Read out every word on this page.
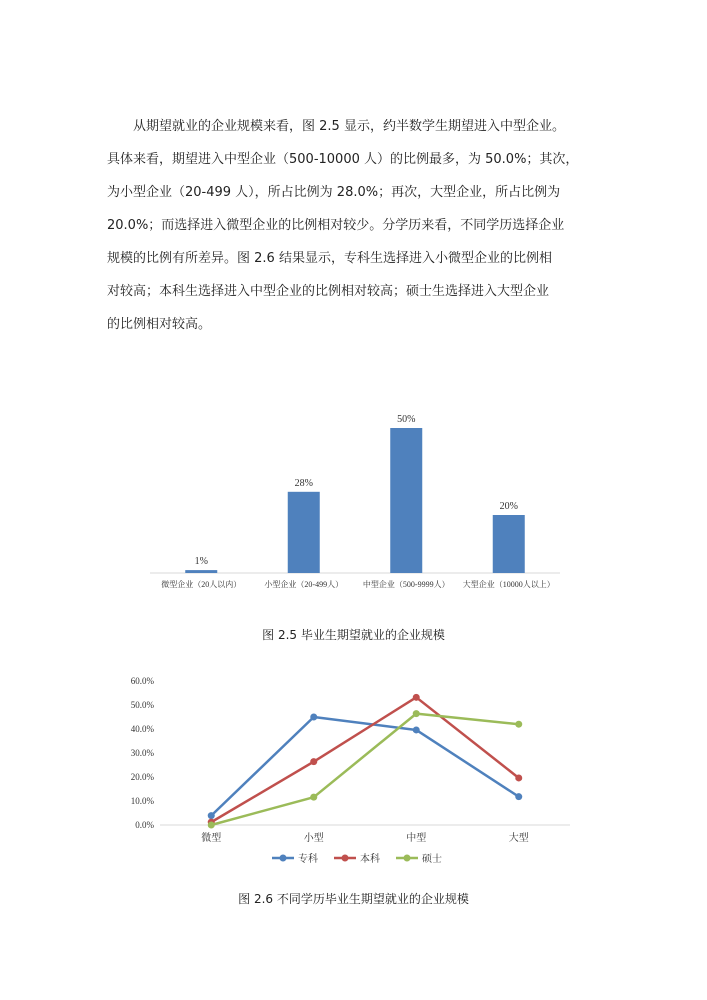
从期望就业的企业规模来看，图 2.5 显示，约半数学生期望进入中型企业。
具体来看，期望进入中型企业（500-10000 人）的比例最多，为 50.0%；其次，
为小型企业（20-499 人），所占比例为 28.0%；再次，大型企业，所占比例为
20.0%；而选择进入微型企业的比例相对较少。分学历来看，不同学历选择企业
规模的比例有所差异。图 2.6 结果显示，专科生选择进入小微型企业的比例相
对较高；本科生选择进入中型企业的比例相对较高；硕士生选择进入大型企业
的比例相对较高。
1%
微型企业（20人以内）
28%
小型企业（20-499人）
50%
中型企业（500-9999人）
20%
大型企业（10000人以上）
图 2.5 毕业生期望就业的企业规模
0.0%
10.0%
20.0%
30.0%
40.0%
50.0%
60.0%
微型	小型	中型	大型
专科	本科	硕士
图 2.6 不同学历毕业生期望就业的企业规模
